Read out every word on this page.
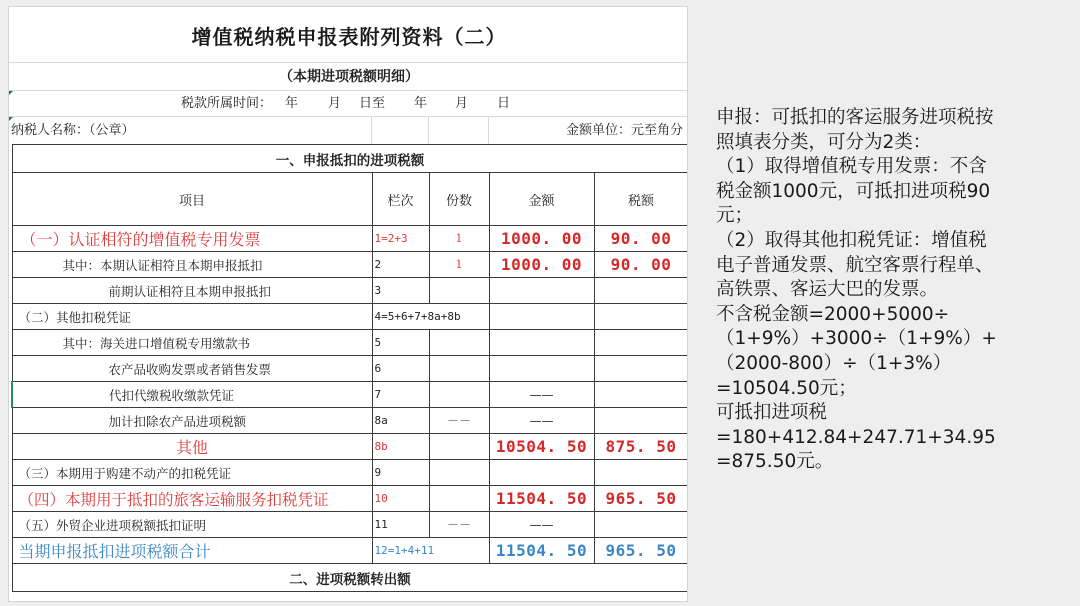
增值税纳税申报表附列资料（二）
（本期进项税额明细）
税款所属时间： 年 月 日至 年 月 日
纳税人名称：（公章）	金额单位：元至角分
一、申报抵扣的进项税额				
项目	栏次	份数	金额	税额
（一）认证相符的增值税专用发票	1=2+3	1	1000. 00	90. 00
其中：本期认证相符且本期申报抵扣	2	1	1000. 00	90. 00
前期认证相符且本期申报抵扣	3			
（二）其他扣税凭证	4=5+6+7+8a+8b			
其中：海关进口增值税专用缴款书	5			
农产品收购发票或者销售发票	6			
代扣代缴税收缴款凭证	7		——	
加计扣除农产品进项税额	8a	－－	——	
其他	8b		10504. 50	875. 50
（三）本期用于购建不动产的扣税凭证	9			
（四）本期用于抵扣的旅客运输服务扣税凭证	10		11504. 50	965. 50
（五）外贸企业进项税额抵扣证明	11	－－	——	
当期申报抵扣进项税额合计	12=1+4+11		11504. 50	965. 50
二、进项税额转出额				
申报：可抵扣的客运服务进项税按
照填表分类，可分为2类：
（1）取得增值税专用发票：不含
税金额1000元，可抵扣进项税90
元；
（2）取得其他扣税凭证：增值税
电子普通发票、航空客票行程单、
高铁票、客运大巴的发票。
不含税金额=2000+5000÷
（1+9%）+3000÷（1+9%）+
（2000-800）÷（1+3%）
=10504.50元；
可抵扣进项税
=180+412.84+247.71+34.95
=875.50元。
